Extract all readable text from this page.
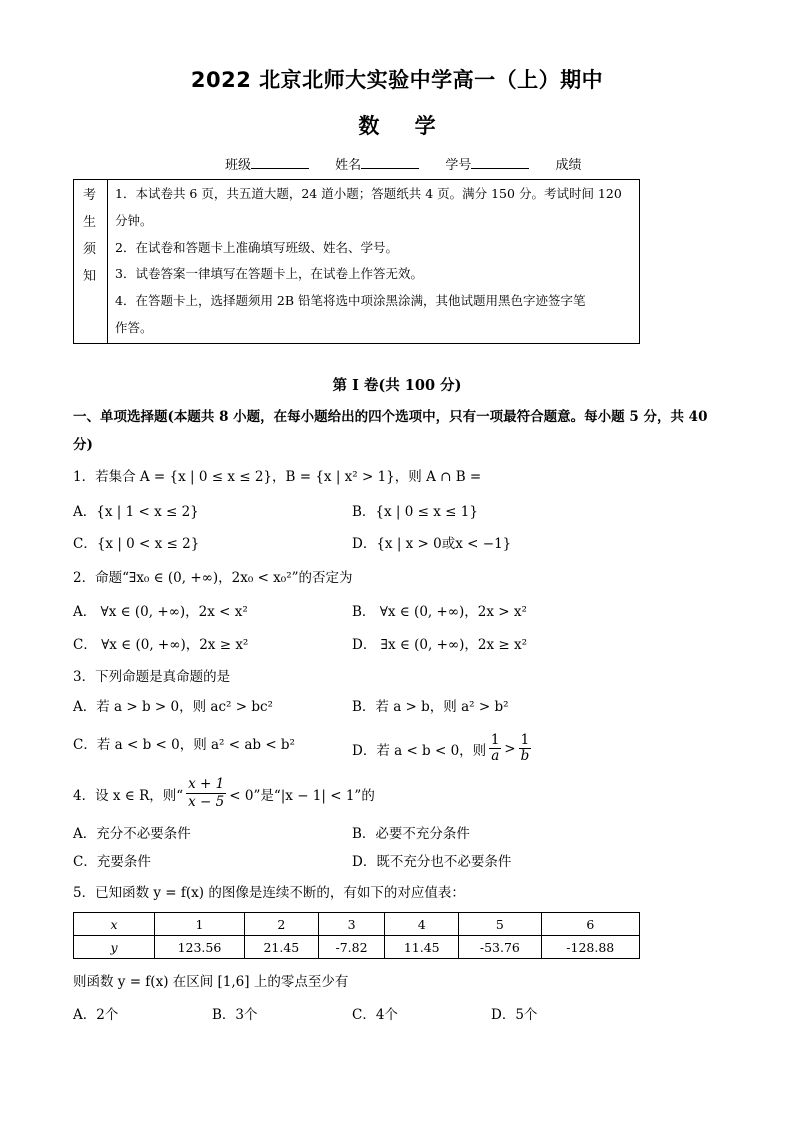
2022 北京北师大实验中学高一（上）期中
数 学
班级	姓名	学号	成绩
考
生
须
知
1．本试卷共 6 页，共五道大题，24 道小题；答题纸共 4 页。满分 150 分。考试时间 120
分钟。
2．在试卷和答题卡上准确填写班级、姓名、学号。
3．试卷答案一律填写在答题卡上，在试卷上作答无效。
4．在答题卡上，选择题须用 2B 铅笔将选中项涂黑涂满，其他试题用黑色字迹签字笔
作答。
第 I 卷(共 100 分)
一、单项选择题(本题共 8 小题，在每小题给出的四个选项中，只有一项最符合题意。每小题 5 分，共 40
分)
1．若集合 A = {x | 0 ≤ x ≤ 2}，B = {x | x² > 1}，则 A ∩ B =
A．{x | 1 < x ≤ 2}	B．{x | 0 ≤ x ≤ 1}
C．{x | 0 < x ≤ 2}	D．{x | x > 0或x < −1}
2．命题“∃x₀ ∈ (0, +∞)，2x₀ < x₀²”的否定为
A． ∀x ∈ (0, +∞)，2x < x²	B． ∀x ∈ (0, +∞)，2x > x²
C． ∀x ∈ (0, +∞)，2x ≥ x²	D． ∃x ∈ (0, +∞)，2x ≥ x²
3．下列命题是真命题的是
A．若 a > b > 0，则 ac² > bc²	B．若 a > b，则 a² > b²
C．若 a < b < 0，则 a² < ab < b²	D．若 a < b < 0，则 $\frac{1}{a} > \frac{1}{b}$
4．设 x ∈ R，则“ $\frac{x + 1}{x - 5} < 0$”是“|x − 1| < 1”的
A．充分不必要条件	B．必要不充分条件
C．充要条件	D．既不充分也不必要条件
5．已知函数 y = f(x) 的图像是连续不断的，有如下的对应值表：
x	1	2	3	4	5	6
y	123.56	21.45	-7.82	11.45	-53.76	-128.88
则函数 y = f(x) 在区间 [1,6] 上的零点至少有
A．2个	B．3个	C．4个	D．5个
